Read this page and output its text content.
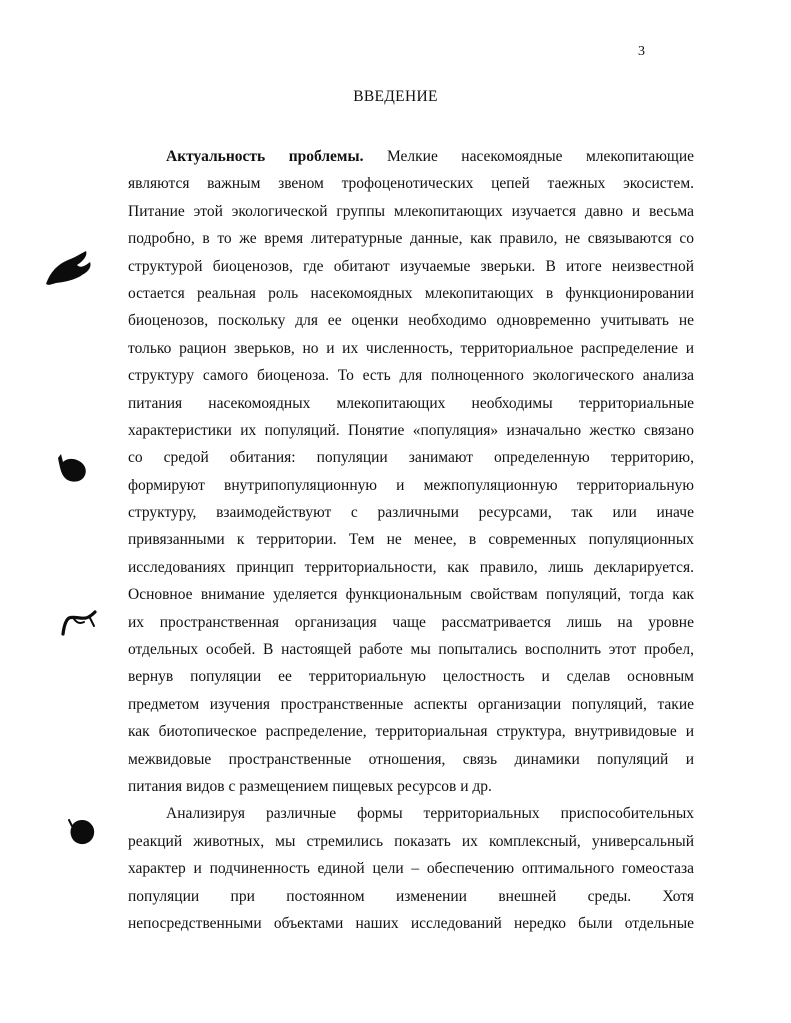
3
ВВЕДЕНИЕ
Актуальность проблемы. Мелкие насекомоядные млекопитающие
являются важным звеном трофоценотических цепей таежных экосистем.
Питание этой экологической группы млекопитающих изучается давно и весьма
подробно, в то же время литературные данные, как правило, не связываются со
структурой биоценозов, где обитают изучаемые зверьки. В итоге неизвестной
остается реальная роль насекомоядных млекопитающих в функционировании
биоценозов, поскольку для ее оценки необходимо одновременно учитывать не
только рацион зверьков, но и их численность, территориальное распределение и
структуру самого биоценоза. То есть для полноценного экологического анализа
питания насекомоядных млекопитающих необходимы территориальные
характеристики их популяций. Понятие «популяция» изначально жестко связано
со средой обитания: популяции занимают определенную территорию,
формируют внутрипопуляционную и межпопуляционную территориальную
структуру, взаимодействуют с различными ресурсами, так или иначе
привязанными к территории. Тем не менее, в современных популяционных
исследованиях принцип территориальности, как правило, лишь декларируется.
Основное внимание уделяется функциональным свойствам популяций, тогда как
их пространственная организация чаще рассматривается лишь на уровне
отдельных особей. В настоящей работе мы попытались восполнить этот пробел,
вернув популяции ее территориальную целостность и сделав основным
предметом изучения пространственные аспекты организации популяций, такие
как биотопическое распределение, территориальная структура, внутривидовые и
межвидовые пространственные отношения, связь динамики популяций и
питания видов с размещением пищевых ресурсов и др.
Анализируя различные формы территориальных приспособительных
реакций животных, мы стремились показать их комплексный, универсальный
характер и подчиненность единой цели – обеспечению оптимального гомеостаза
популяции при постоянном изменении внешней среды. Хотя
непосредственными объектами наших исследований нередко были отдельные
